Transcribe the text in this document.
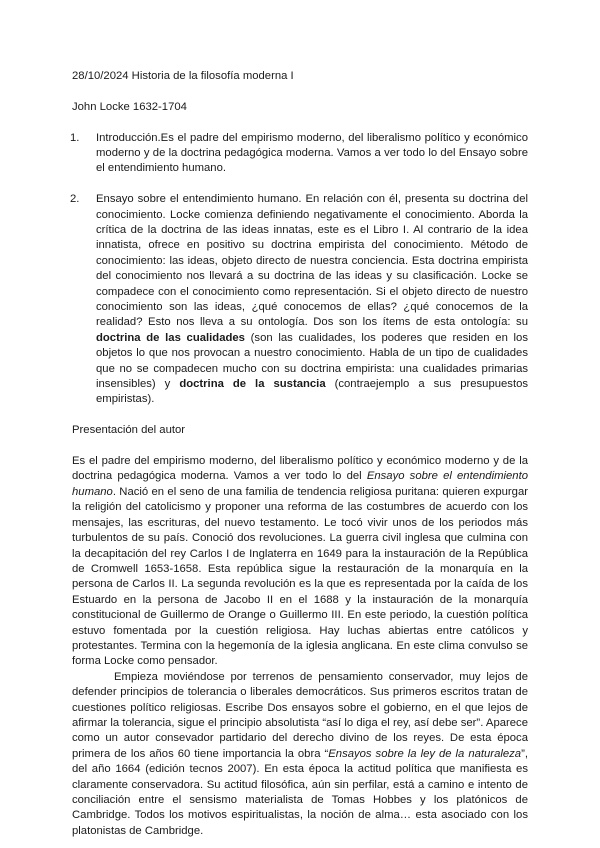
28/10/2024 Historia de la filosofía moderna I

John Locke 1632-1704

1. Introducción.Es el padre del empirismo moderno, del liberalismo político y económico moderno y de la doctrina pedagógica moderna. Vamos a ver todo lo del Ensayo sobre el entendimiento humano.
2. Ensayo sobre el entendimiento humano. En relación con él, presenta su doctrina del conocimiento. Locke comienza definiendo negativamente el conocimiento. Aborda la crítica de la doctrina de las ideas innatas, este es el Libro I. Al contrario de la idea innatista, ofrece en positivo su doctrina empirista del conocimiento. Método de conocimiento: las ideas, objeto directo de nuestra conciencia. Esta doctrina empirista del conocimiento nos llevará a su doctrina de las ideas y su clasificación. Locke se compadece con el conocimiento como representación. Si el objeto directo de nuestro conocimiento son las ideas, ¿qué conocemos de ellas? ¿qué conocemos de la realidad? Esto nos lleva a su ontología. Dos son los ítems de esta ontología: su doctrina de las cualidades (son las cualidades, los poderes que residen en los objetos lo que nos provocan a nuestro conocimiento. Habla de un tipo de cualidades que no se compadecen mucho con su doctrina empirista: una cualidades primarias insensibles) y doctrina de la sustancia (contraejemplo a sus presupuestos empiristas).

Presentación del autor

Es el padre del empirismo moderno, del liberalismo político y económico moderno y de la doctrina pedagógica moderna. Vamos a ver todo lo del Ensayo sobre el entendimiento humano. Nació en el seno de una familia de tendencia religiosa puritana: quieren expurgar la religión del catolicismo y proponer una reforma de las costumbres de acuerdo con los mensajes, las escrituras, del nuevo testamento. Le tocó vivir unos de los periodos más turbulentos de su país. Conoció dos revoluciones. La guerra civil inglesa que culmina con la decapitación del rey Carlos I de Inglaterra en 1649 para la instauración de la República de Cromwell 1653-1658. Esta república sigue la restauración de la monarquía en la persona de Carlos II. La segunda revolución es la que es representada por la caída de los Estuardo en la persona de Jacobo II en el 1688 y la instauración de la monarquía constitucional de Guillermo de Orange o Guillermo III. En este periodo, la cuestión política estuvo fomentada por la cuestión religiosa. Hay luchas abiertas entre católicos y protestantes. Termina con la hegemonía de la iglesia anglicana. En este clima convulso se forma Locke como pensador.

Empieza moviéndose por terrenos de pensamiento conservador, muy lejos de defender principios de tolerancia o liberales democráticos. Sus primeros escritos tratan de cuestiones político religiosas. Escribe Dos ensayos sobre el gobierno, en el que lejos de afirmar la tolerancia, sigue el principio absolutista “así lo diga el rey, así debe ser”. Aparece como un autor consevador partidario del derecho divino de los reyes. De esta época primera de los años 60 tiene importancia la obra “Ensayos sobre la ley de la naturaleza”, del año 1664 (edición tecnos 2007). En esta época la actitud política que manifiesta es claramente conservadora. Su actitud filosófica, aún sin perfilar, está a camino e intento de conciliación entre el sensismo materialista de Tomas Hobbes y los platónicos de Cambridge. Todos los motivos espiritualistas, la noción de alma… esta asociado con los platonistas de Cambridge.
